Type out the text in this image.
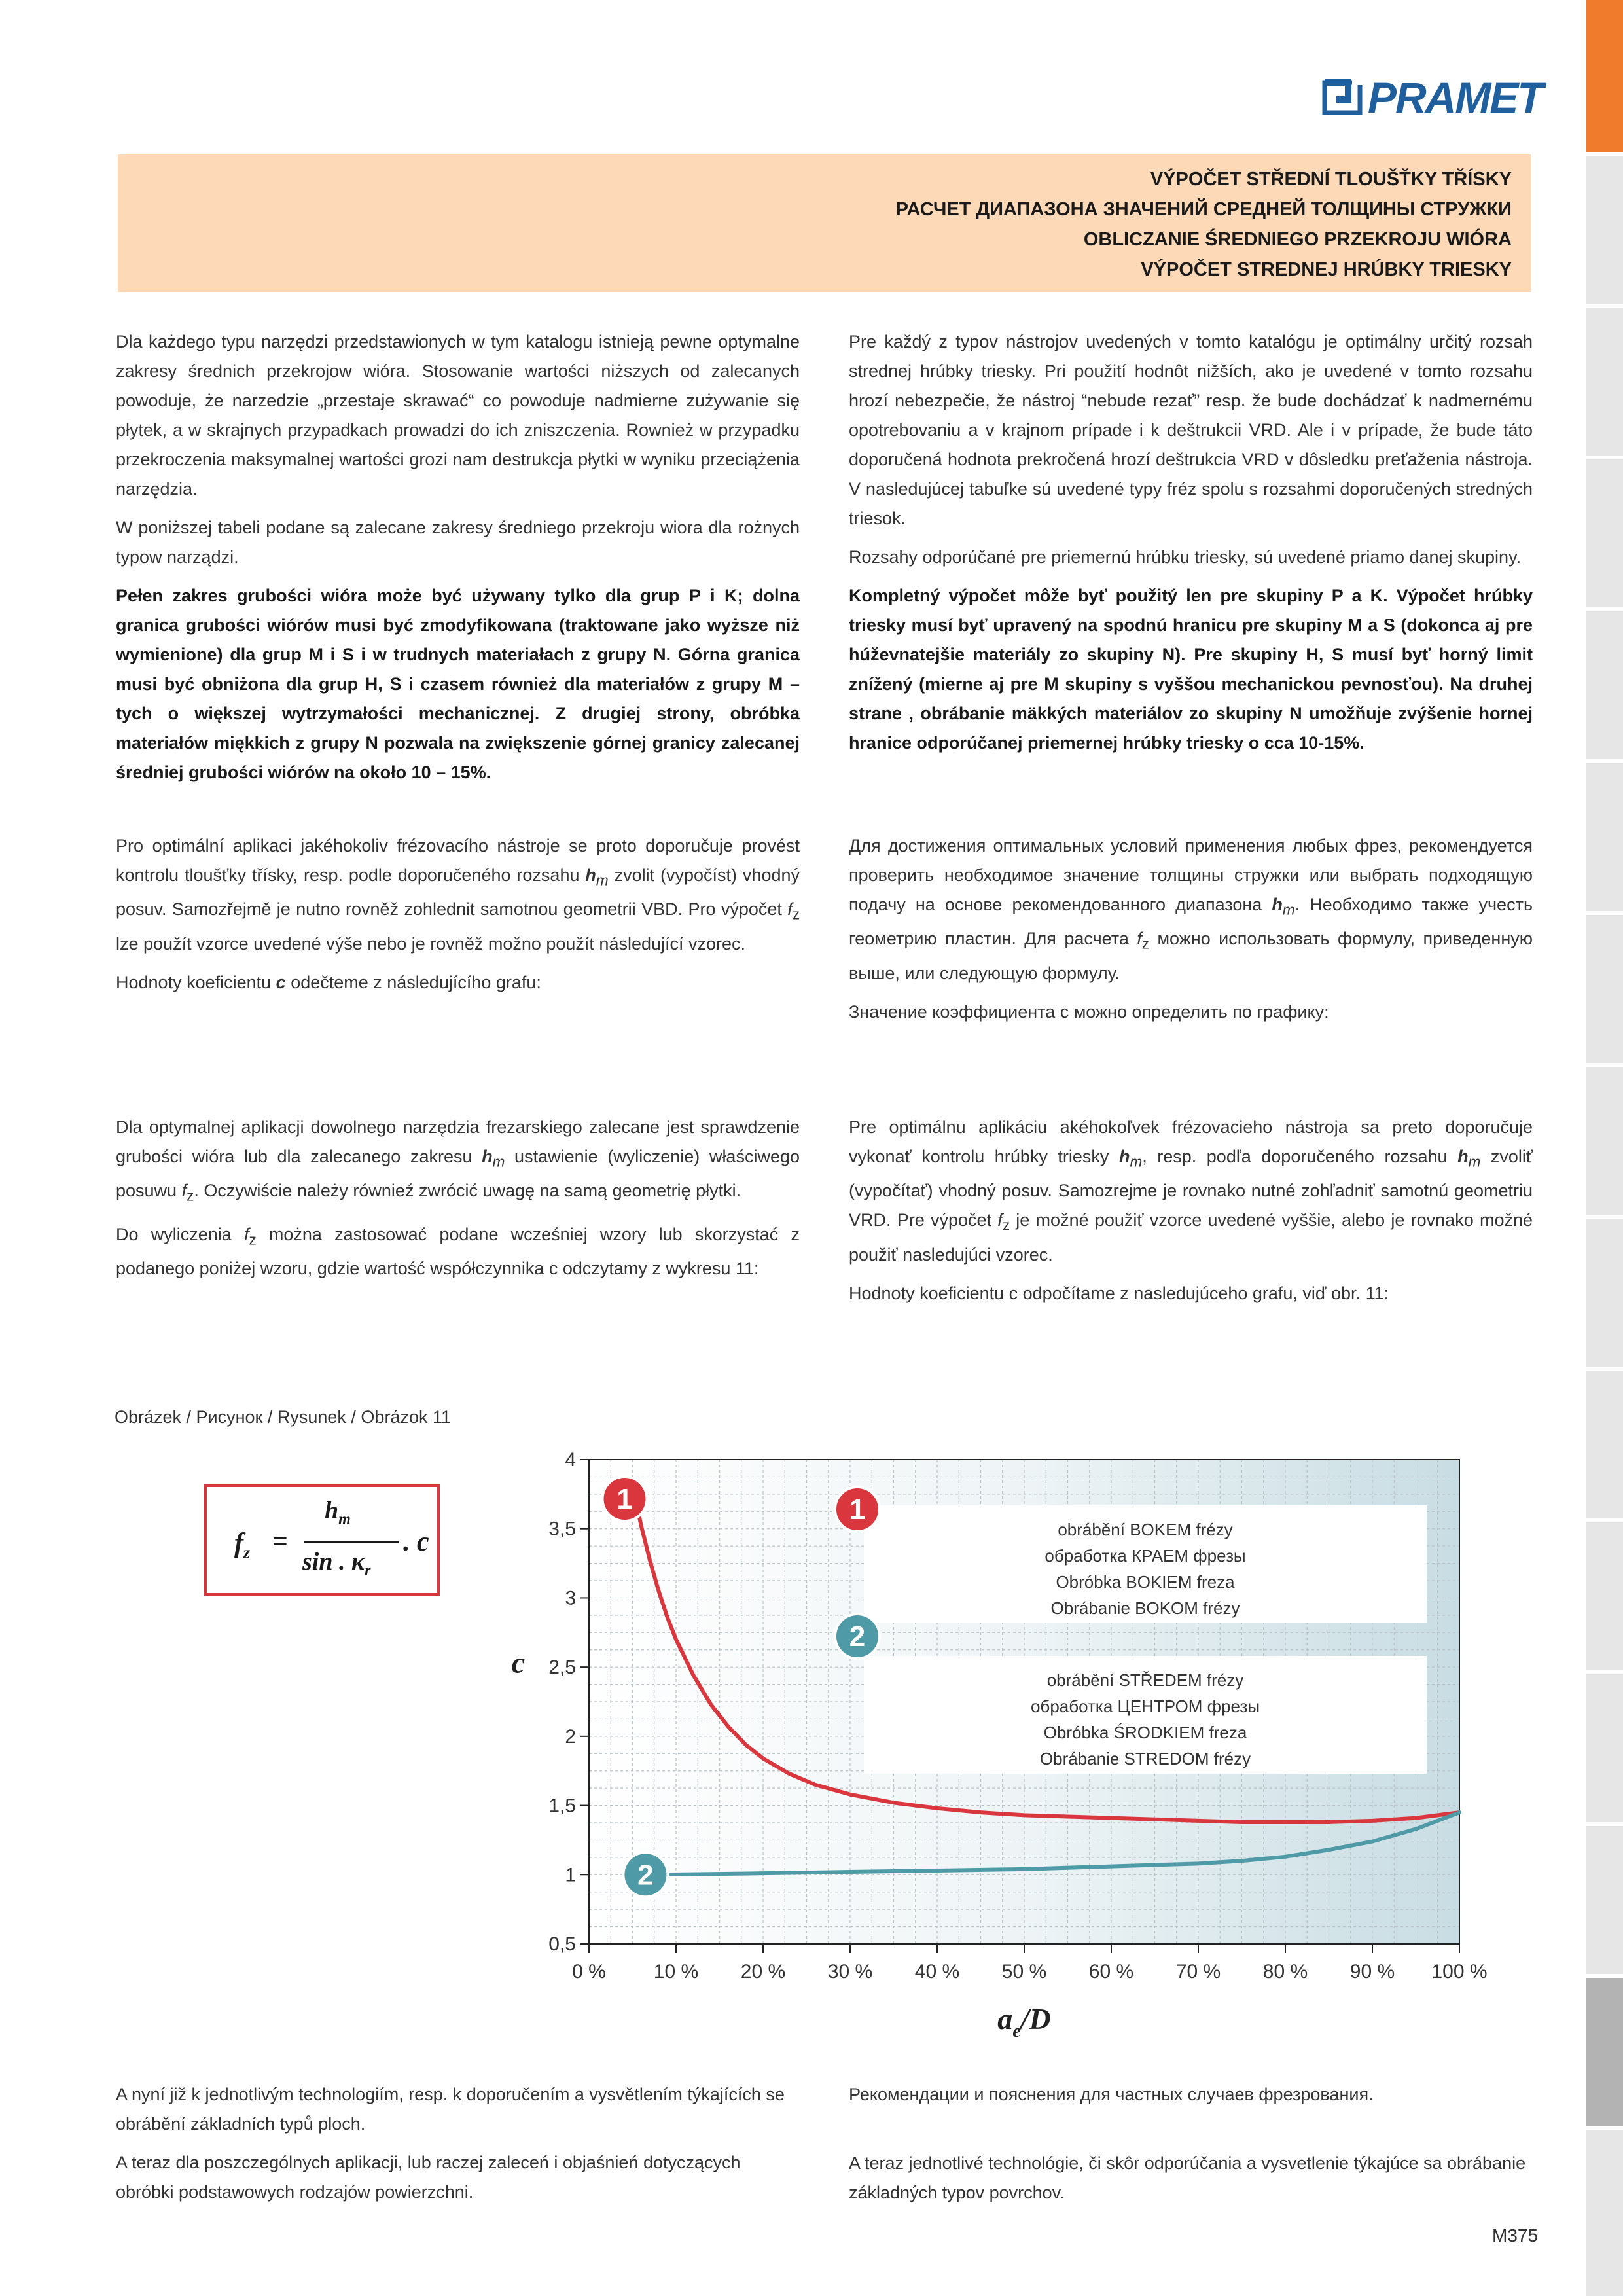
PRAMET
VÝPOČET STŘEDNÍ TLOUŠŤKY TŘÍSKY
РАСЧЕТ ДИАПАЗОНА ЗНАЧЕНИЙ СРЕДНЕЙ ТОЛЩИНЫ СТРУЖКИ
OBLICZANIE ŚREDNIEGO PRZEKROJU WIÓRA
VÝPOČET STREDNEJ HRÚBKY TRIESKY

Dla każdego typu narzędzi przedstawionych w tym katalogu istnieją pewne optymalne zakresy średnich przekrojow wióra. Stosowanie wartości niższych od zalecanych powoduje, że narzedzie „przestaje skrawać“ co powoduje nadmierne zużywanie się płytek, a w skrajnych przypadkach prowadzi do ich zniszczenia. Rownież w przypadku przekroczenia maksymalnej wartości grozi nam destrukcja płytki w wyniku przeciążenia narzędzia.

W poniższej tabeli podane są zalecane zakresy średniego przekroju wiora dla rożnych typow narządzi.

Pełen zakres grubości wióra może być używany tylko dla grup P i K; dolna granica grubości wiórów musi być zmodyfikowana (traktowane jako wyższe niż wymienione) dla grup M i S i w trudnych materiałach z grupy N. Górna granica musi być obniżona dla grup H, S i czasem również dla materiałów z grupy M – tych o większej wytrzymałości mechanicznej. Z drugiej strony, obróbka materiałów miękkich z grupy N pozwala na zwiększenie górnej granicy zalecanej średniej grubości wiórów na około 10 – 15%.

Pre každý z typov nástrojov uvedených v tomto katalógu je optimálny určitý rozsah strednej hrúbky triesky. Pri použití hodnôt nižších, ako je uvedené v tomto rozsahu hrozí nebezpečie, že nástroj “nebude rezať” resp. že bude dochádzať k nadmernému opotrebovaniu a v krajnom prípade i k deštrukcii VRD. Ale i v prípade, že bude táto doporučená hodnota prekročená hrozí deštrukcia VRD v dôsledku preťaženia nástroja. V nasledujúcej tabuľke sú uvedené typy fréz spolu s rozsahmi doporučených stredných triesok.

Rozsahy odporúčané pre priemernú hrúbku triesky, sú uvedené priamo danej skupiny.

Kompletný výpočet môže byť použitý len pre skupiny P a K. Výpočet hrúbky triesky musí byť upravený na spodnú hranicu pre skupiny M a S (dokonca aj pre húževnatejšie materiály zo skupiny N). Pre skupiny H, S musí byť horný limit znížený (mierne aj pre M skupiny s vyššou mechanickou pevnosťou). Na druhej strane , obrábanie mäkkých materiálov zo skupiny N umožňuje zvýšenie hornej hranice odporúčanej priemernej hrúbky triesky o cca 10-15%.

Pro optimální aplikaci jakéhokoliv frézovacího nástroje se proto doporučuje provést kontrolu tloušťky třísky, resp. podle doporučeného rozsahu $h_m$ zvolit (vypočíst) vhodný posuv. Samozřejmě je nutno rovněž zohlednit samotnou geometrii VBD. Pro výpočet $f_z$ lze použít vzorce uvedené výše nebo je rovněž možno použít následující vzorec.

Hodnoty koeficientu c odečteme z následujícího grafu:

Для достижения оптимальных условий применения любых фрез, рекомендуется проверить необходимое значение толщины стружки или выбрать подходящую подачу на основе рекомендованного диапазона $h_m$. Необходимо также учесть геометрию пластин. Для расчета $f_z$ можно использовать формулу, приведенную выше, или следующую формулу.

Значение коэффициента с можно определить по графику:

Dla optymalnej aplikacji dowolnego narzędzia frezarskiego zalecane jest sprawdzenie grubości wióra lub dla zalecanego zakresu $h_m$ ustawienie (wyliczenie) właściwego posuwu $f_z$. Oczywiście należy równieź zwrócić uwagę na samą geometrię płytki.

Do wyliczenia $f_z$ można zastosować podane wcześniej wzory lub skorzystać z podanego poniżej wzoru, gdzie wartość współczynnika c odczytamy z wykresu 11:

Pre optimálnu aplikáciu akéhokoľvek frézovacieho nástroja sa preto doporučuje vykonať kontrolu hrúbky triesky $h_m$, resp. podľa doporučeného rozsahu $h_m$ zvoliť (vypočítať) vhodný posuv. Samozrejme je rovnako nutné zohľadniť samotnú geometriu VRD. Pre výpočet $f_z$ je možné použiť vzorce uvedené vyššie, alebo je rovnako možné použiť nasledujúci vzorec.

Hodnoty koeficientu c odpočítame z nasledujúceho grafu, viď obr. 11:

Obrázek / Рисунок / Rysunek / Obrázok 11
$f_z$ =
$h_m$
sin . $\kappa_r$
. c
0,5
1
1,5
2
2,5
3
3,5
4
0 % 10 % 20 % 30 % 40 % 50 % 60 % 70 % 80 % 90 % 100 %
c
$a_e/D$
obrábění BOKEM frézy
обработка КРАЕМ фрезы
Obróbka BOKIEM freza
Obrábanie BOKOM frézy
obrábění STŘEDEM frézy
обработка ЦЕНТРОМ фрезы
Obróbka ŚRODKIEM freza
Obrábanie STREDOM frézy
1
2
1
2

A nyní již k jednotlivým technologiím, resp. k doporučením a vysvětlením týkajících se obrábění základních typů ploch.

A teraz dla poszczególnych aplikacji, lub raczej zaleceń i objaśnień dotyczących obróbki podstawowych rodzajów powierzchni.

Рекомендации и пояснения для частных случаев фрезрования.

A teraz jednotlivé technológie, či skôr odporúčania a vysvetlenie týkajúce sa obrábanie základných typov povrchov.

M375
